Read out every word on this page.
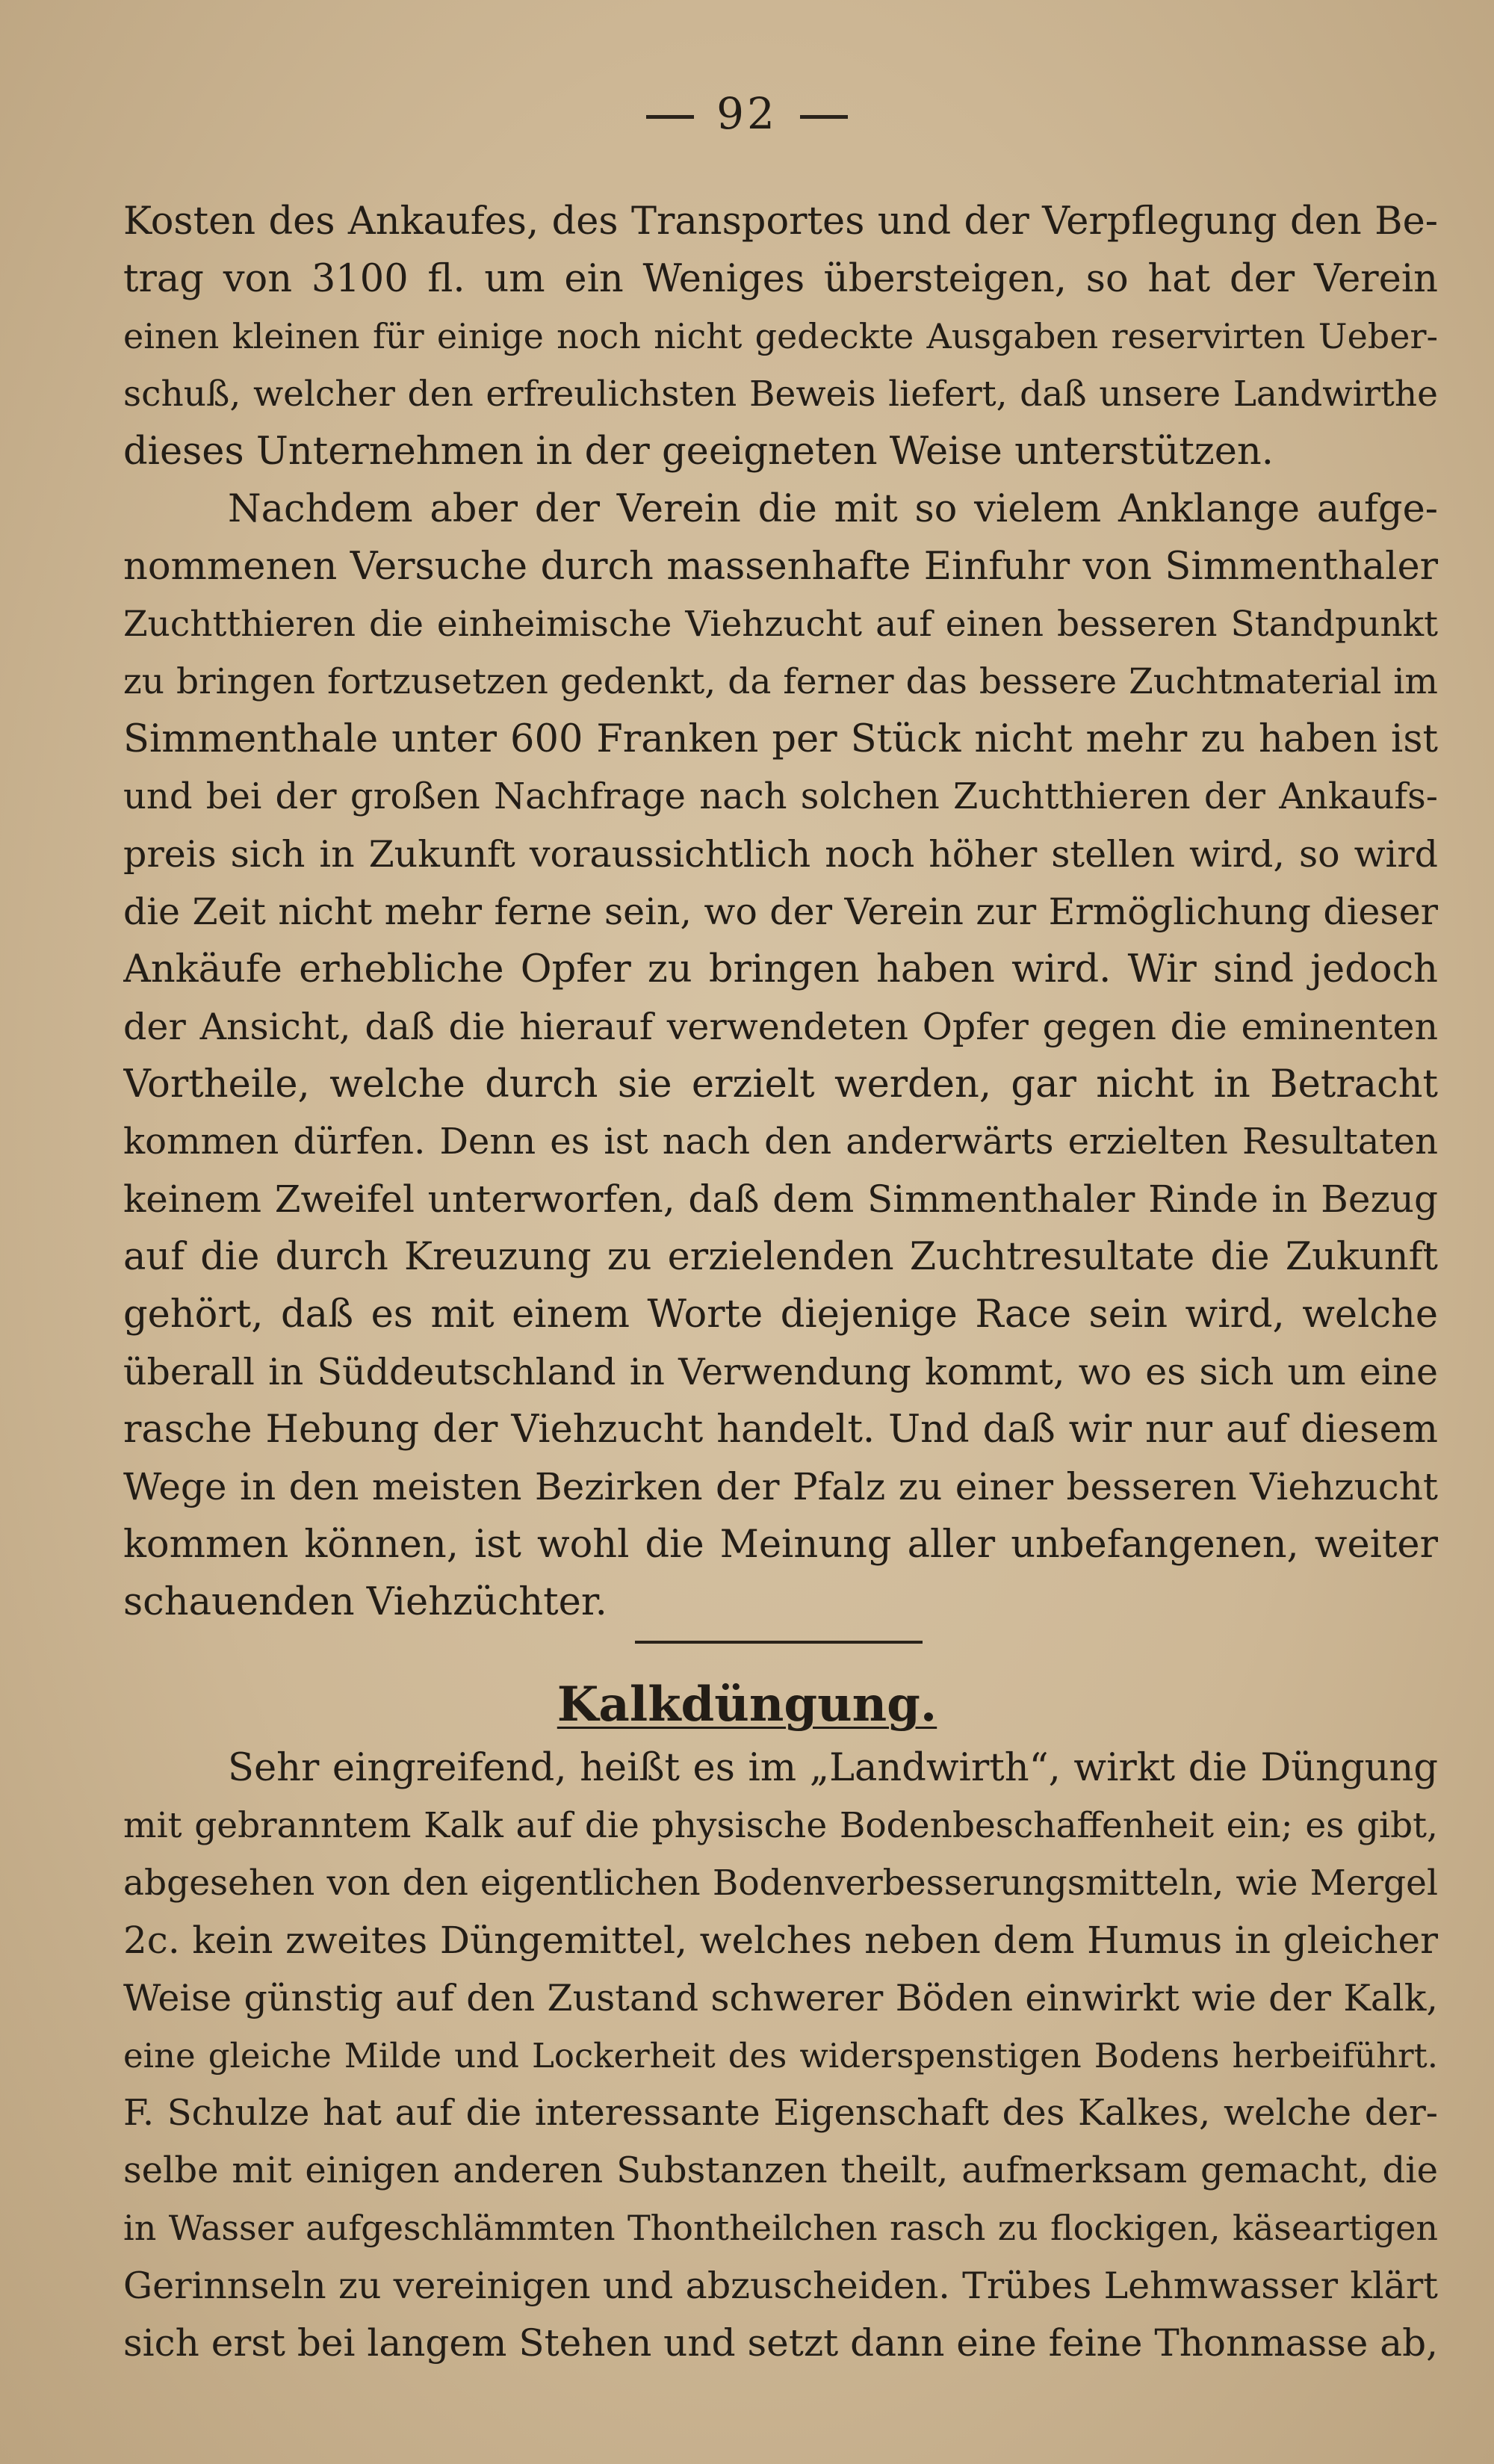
92
Kosten des Ankaufes, des Transportes und der Verpflegung den Be-
trag von 3100 fl. um ein Weniges übersteigen, so hat der Verein
einen kleinen für einige noch nicht gedeckte Ausgaben reservirten Ueber-
schuß, welcher den erfreulichsten Beweis liefert, daß unsere Landwirthe
dieses Unternehmen in der geeigneten Weise unterstützen.
Nachdem aber der Verein die mit so vielem Anklange aufge-
nommenen Versuche durch massenhafte Einfuhr von Simmenthaler
Zuchtthieren die einheimische Viehzucht auf einen besseren Standpunkt
zu bringen fortzusetzen gedenkt, da ferner das bessere Zuchtmaterial im
Simmenthale unter 600 Franken per Stück nicht mehr zu haben ist
und bei der großen Nachfrage nach solchen Zuchtthieren der Ankaufs-
preis sich in Zukunft voraussichtlich noch höher stellen wird, so wird
die Zeit nicht mehr ferne sein, wo der Verein zur Ermöglichung dieser
Ankäufe erhebliche Opfer zu bringen haben wird. Wir sind jedoch
der Ansicht, daß die hierauf verwendeten Opfer gegen die eminenten
Vortheile, welche durch sie erzielt werden, gar nicht in Betracht
kommen dürfen. Denn es ist nach den anderwärts erzielten Resultaten
keinem Zweifel unterworfen, daß dem Simmenthaler Rinde in Bezug
auf die durch Kreuzung zu erzielenden Zuchtresultate die Zukunft
gehört, daß es mit einem Worte diejenige Race sein wird, welche
überall in Süddeutschland in Verwendung kommt, wo es sich um eine
rasche Hebung der Viehzucht handelt. Und daß wir nur auf diesem
Wege in den meisten Bezirken der Pfalz zu einer besseren Viehzucht
kommen können, ist wohl die Meinung aller unbefangenen, weiter
schauenden Viehzüchter.
Kalkdüngung.
Sehr eingreifend, heißt es im „Landwirth“, wirkt die Düngung
mit gebranntem Kalk auf die physische Bodenbeschaffenheit ein; es gibt,
abgesehen von den eigentlichen Bodenverbesserungsmitteln, wie Mergel
2c. kein zweites Düngemittel, welches neben dem Humus in gleicher
Weise günstig auf den Zustand schwerer Böden einwirkt wie der Kalk,
eine gleiche Milde und Lockerheit des widerspenstigen Bodens herbeiführt.
F. Schulze hat auf die interessante Eigenschaft des Kalkes, welche der-
selbe mit einigen anderen Substanzen theilt, aufmerksam gemacht, die
in Wasser aufgeschlämmten Thontheilchen rasch zu flockigen, käseartigen
Gerinnseln zu vereinigen und abzuscheiden. Trübes Lehmwasser klärt
sich erst bei langem Stehen und setzt dann eine feine Thonmasse ab,
